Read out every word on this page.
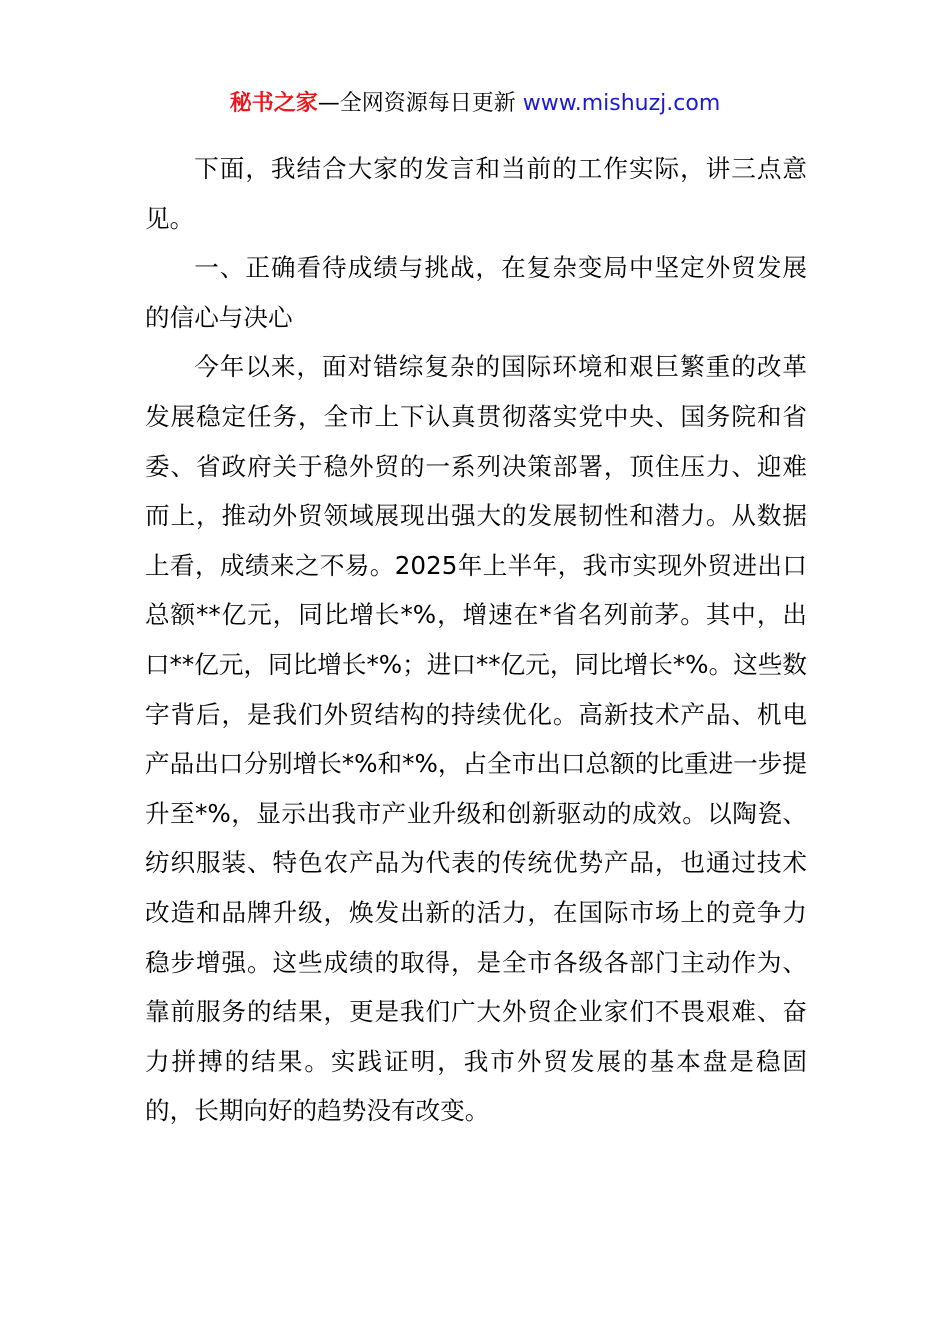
秘书之家—全网资源每日更新 www.mishuzj.com

下面，我结合大家的发言和当前的工作实际，讲三点意见。

一、正确看待成绩与挑战，在复杂变局中坚定外贸发展的信心与决心

今年以来，面对错综复杂的国际环境和艰巨繁重的改革发展稳定任务，全市上下认真贯彻落实党中央、国务院和省委、省政府关于稳外贸的一系列决策部署，顶住压力、迎难而上，推动外贸领域展现出强大的发展韧性和潜力。从数据上看，成绩来之不易。2025年上半年，我市实现外贸进出口总额**亿元，同比增长*%，增速在*省名列前茅。其中，出口**亿元，同比增长*%；进口**亿元，同比增长*%。这些数字背后，是我们外贸结构的持续优化。高新技术产品、机电产品出口分别增长*%和*%，占全市出口总额的比重进一步提升至*%，显示出我市产业升级和创新驱动的成效。以陶瓷、纺织服装、特色农产品为代表的传统优势产品，也通过技术改造和品牌升级，焕发出新的活力，在国际市场上的竞争力稳步增强。这些成绩的取得，是全市各级各部门主动作为、靠前服务的结果，更是我们广大外贸企业家们不畏艰难、奋力拼搏的结果。实践证明，我市外贸发展的基本盘是稳固的，长期向好的趋势没有改变。
